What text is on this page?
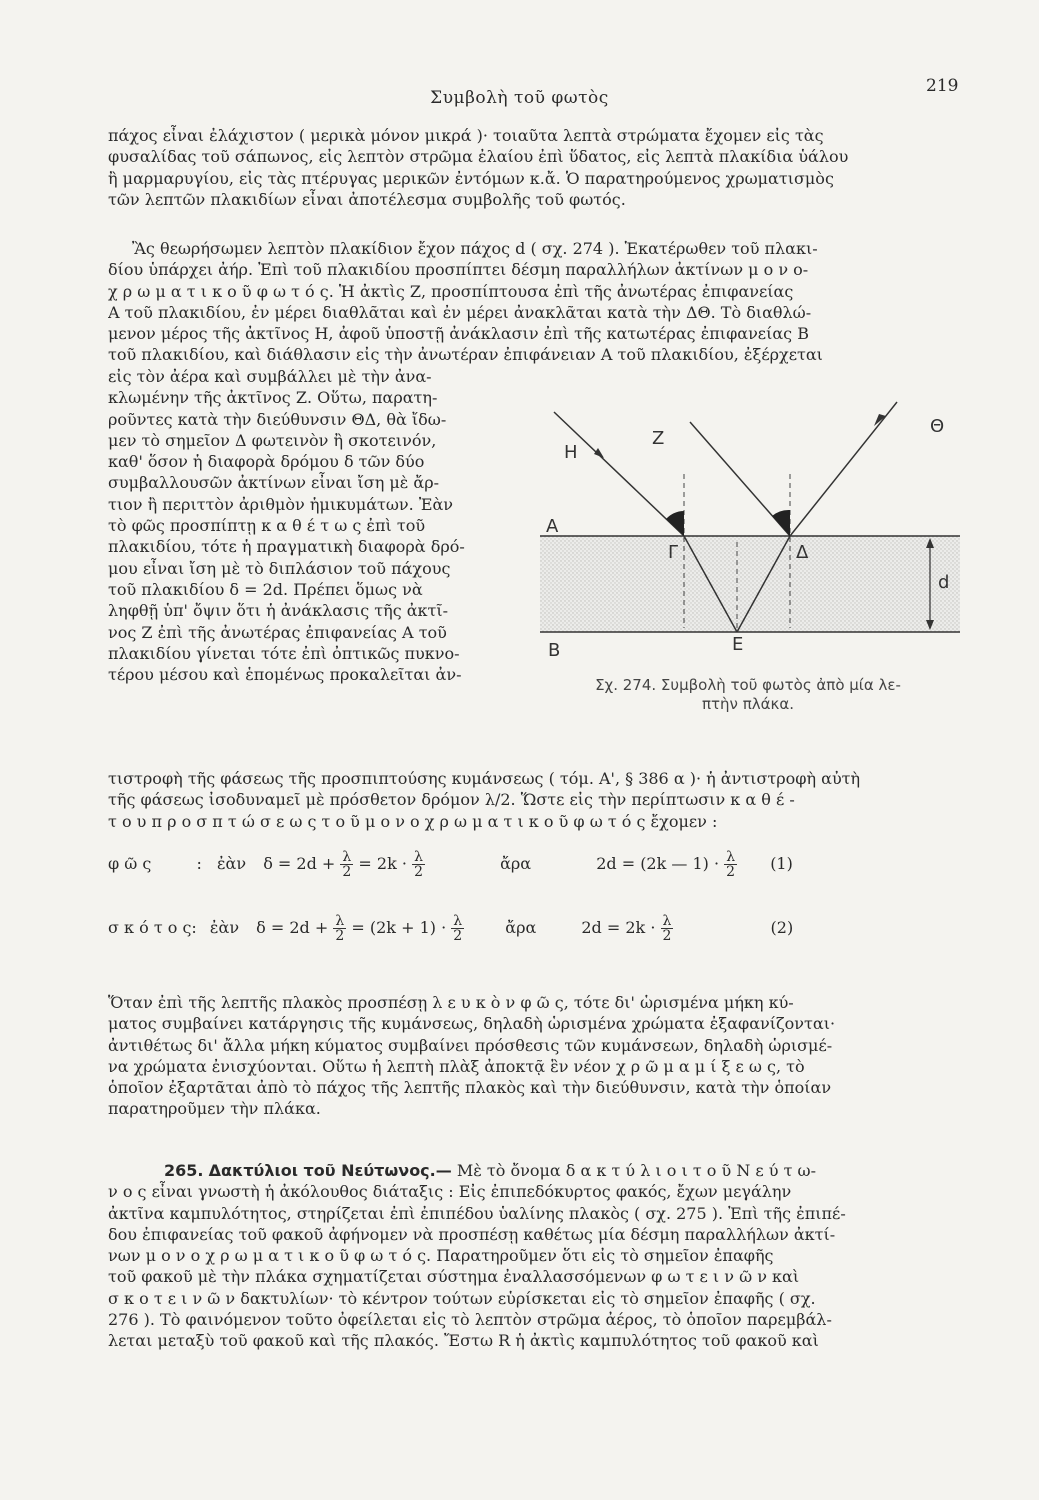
Συμβολὴ τοῦ φωτὸς
219
πάχος εἶναι ἐλάχιστον ( μερικὰ μόνον μικρά )· τοιαῦτα λεπτὰ στρώματα ἔχομεν εἰς τὰς
φυσαλίδας τοῦ σάπωνος, εἰς λεπτὸν στρῶμα ἐλαίου ἐπὶ ὕδατος, εἰς λεπτὰ πλακίδια ὑάλου
ἢ μαρμαρυγίου, εἰς τὰς πτέρυγας μερικῶν ἐντόμων κ.ἄ. Ὁ παρατηρούμενος χρωματισμὸς
τῶν λεπτῶν πλακιδίων εἶναι ἀποτέλεσμα συμβολῆς τοῦ φωτός.
Ἂς θεωρήσωμεν λεπτὸν πλακίδιον ἔχον πάχος d ( σχ. 274 ). Ἑκατέρωθεν τοῦ πλακι-
δίου ὑπάρχει ἀήρ. Ἐπὶ τοῦ πλακιδίου προσπίπτει δέσμη παραλλήλων ἀκτίνων μ ο ν ο-
χ ρ ω μ α τ ι κ ο ῦ φ ω τ ό ς. Ἡ ἀκτὶς Ζ, προσπίπτουσα ἐπὶ τῆς ἀνωτέρας ἐπιφανείας
Α τοῦ πλακιδίου, ἐν μέρει διαθλᾶται καὶ ἐν μέρει ἀνακλᾶται κατὰ τὴν ΔΘ. Τὸ διαθλώ-
μενον μέρος τῆς ἀκτῖνος Η, ἀφοῦ ὑποστῇ ἀνάκλασιν ἐπὶ τῆς κατωτέρας ἐπιφανείας Β
τοῦ πλακιδίου, καὶ διάθλασιν εἰς τὴν ἀνωτέραν ἐπιφάνειαν Α τοῦ πλακιδίου, ἐξέρχεται
εἰς τὸν ἀέρα καὶ συμβάλλει μὲ τὴν ἀνα-
κλωμένην τῆς ἀκτῖνος Ζ. Οὕτω, παρατη-
ροῦντες κατὰ τὴν διεύθυνσιν ΘΔ, θὰ ἴδω-
μεν τὸ σημεῖον Δ φωτεινὸν ἢ σκοτεινόν,
καθ' ὅσον ἡ διαφορὰ δρόμου δ τῶν δύο
συμβαλλουσῶν ἀκτίνων εἶναι ἴση μὲ ἄρ-
τιον ἢ περιττὸν ἀριθμὸν ἡμικυμάτων. Ἐὰν
τὸ φῶς προσπίπτῃ κ α θ έ τ ω ς ἐπὶ τοῦ
πλακιδίου, τότε ἡ πραγματικὴ διαφορὰ δρό-
μου εἶναι ἴση μὲ τὸ διπλάσιον τοῦ πάχους
τοῦ πλακιδίου δ = 2d. Πρέπει ὅμως νὰ
ληφθῇ ὑπ' ὄψιν ὅτι ἡ ἀνάκλασις τῆς ἀκτῖ-
νος Ζ ἐπὶ τῆς ἀνωτέρας ἐπιφανείας Α τοῦ
πλακιδίου γίνεται τότε ἐπὶ ὀπτικῶς πυκνο-
τέρου μέσου καὶ ἑπομένως προκαλεῖται ἀν-
Η
Ζ
Θ
Α
Β
Γ	Δ
Ε
d
Σχ. 274. Συμβολὴ τοῦ φωτὸς ἀπὸ μία λε-
πτὴν πλάκα.
τιστροφὴ τῆς φάσεως τῆς προσπιπτούσης κυμάνσεως ( τόμ. Α', § 386 α )· ἡ ἀντιστροφὴ αὐτὴ
τῆς φάσεως ἰσοδυναμεῖ μὲ πρόσθετον δρόμον λ/2. Ὥστε εἰς τὴν περίπτωσιν κ α θ έ -
τ ο υ π ρ ο σ π τ ώ σ ε ω ς τ ο ῦ μ ο ν ο χ ρ ω μ α τ ι κ ο ῦ φ ω τ ό ς ἔχομεν :
φ ῶ ς	: ἐὰν $\delta = 2d + \frac{\lambda}{2} = 2k \cdot \frac{\lambda}{2}$	ἄρα	2d = (2k — $1) \cdot \frac{\lambda}{2} (1)$
σ κ ό τ ο ς: ἐὰν $\delta = 2d + \frac{\lambda}{2} = (2k + 1) \cdot \frac{\lambda}{2}$	ἄρα	$2d = 2k \cdot \frac{\lambda}{2}$	(2)
Ὅταν ἐπὶ τῆς λεπτῆς πλακὸς προσπέσῃ λ ε υ κ ὸ ν φ ῶ ς, τότε δι' ὡρισμένα μήκη κύ-
ματος συμβαίνει κατάργησις τῆς κυμάνσεως, δηλαδὴ ὡρισμένα χρώματα ἐξαφανίζονται·
ἀντιθέτως δι' ἄλλα μήκη κύματος συμβαίνει πρόσθεσις τῶν κυμάνσεων, δηλαδὴ ὡρισμέ-
να χρώματα ἐνισχύονται. Οὕτω ἡ λεπτὴ πλὰξ ἀποκτᾷ ἓν νέον χ ρ ῶ μ α μ ί ξ ε ω ς, τὸ
ὁποῖον ἐξαρτᾶται ἀπὸ τὸ πάχος τῆς λεπτῆς πλακὸς καὶ τὴν διεύθυνσιν, κατὰ τὴν ὁποίαν
παρατηροῦμεν τὴν πλάκα.
265. Δακτύλιοι τοῦ Νεύτωνος.— Μὲ τὸ ὄνομα δ α κ τ ύ λ ι ο ι τ ο ῦ Ν ε ύ τ ω-
ν ο ς εἶναι γνωστὴ ἡ ἀκόλουθος διάταξις : Εἰς ἐπιπεδόκυρτος φακός, ἔχων μεγάλην
ἀκτῖνα καμπυλότητος, στηρίζεται ἐπὶ ἐπιπέδου ὑαλίνης πλακὸς ( σχ. 275 ). Ἐπὶ τῆς ἐπιπέ-
δου ἐπιφανείας τοῦ φακοῦ ἀφήνομεν νὰ προσπέσῃ καθέτως μία δέσμη παραλλήλων ἀκτί-
νων μ ο ν ο χ ρ ω μ α τ ι κ ο ῦ φ ω τ ό ς. Παρατηροῦμεν ὅτι εἰς τὸ σημεῖον ἐπαφῆς
τοῦ φακοῦ μὲ τὴν πλάκα σχηματίζεται σύστημα ἐναλλασσόμενων φ ω τ ε ι ν ῶ ν καὶ
σ κ ο τ ε ι ν ῶ ν δακτυλίων· τὸ κέντρον τούτων εὑρίσκεται εἰς τὸ σημεῖον ἐπαφῆς ( σχ.
276 ). Τὸ φαινόμενον τοῦτο ὀφείλεται εἰς τὸ λεπτὸν στρῶμα ἀέρος, τὸ ὁποῖον παρεμβάλ-
λεται μεταξὺ τοῦ φακοῦ καὶ τῆς πλακός. Ἔστω R ἡ ἀκτὶς καμπυλότητος τοῦ φακοῦ καὶ
